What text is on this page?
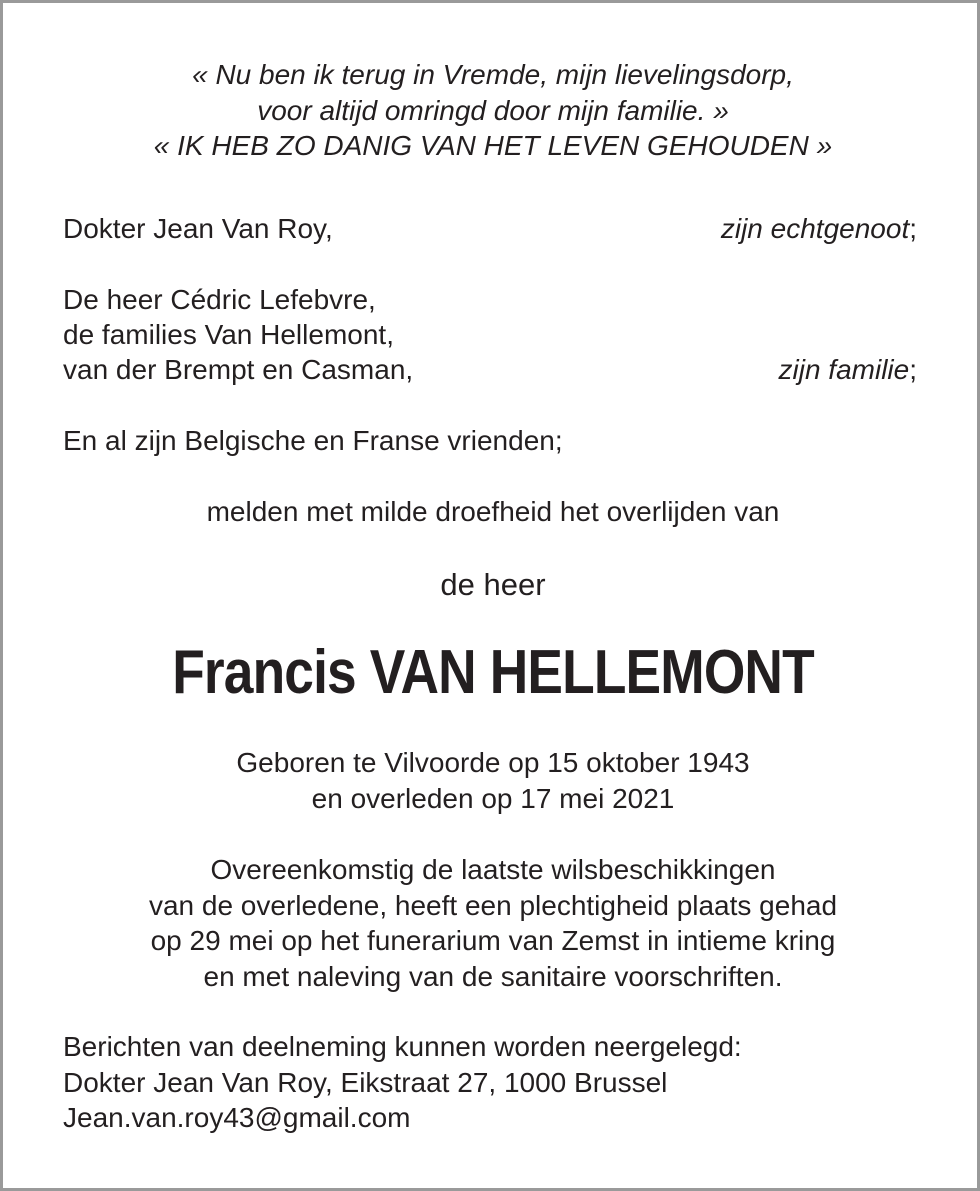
« Nu ben ik terug in Vremde, mijn lievelingsdorp,
voor altijd omringd door mijn familie. »
« IK HEB ZO DANIG VAN HET LEVEN GEHOUDEN »
Dokter Jean Van Roy,	zijn echtgenoot;
De heer Cédric Lefebvre,
de families Van Hellemont,
van der Brempt en Casman,	zijn familie;
En al zijn Belgische en Franse vrienden;
melden met milde droefheid het overlijden van
de heer
Francis VAN HELLEMONT
Geboren te Vilvoorde op 15 oktober 1943
en overleden op 17 mei 2021
Overeenkomstig de laatste wilsbeschikkingen
van de overledene, heeft een plechtigheid plaats gehad
op 29 mei op het funerarium van Zemst in intieme kring
en met naleving van de sanitaire voorschriften.
Berichten van deelneming kunnen worden neergelegd:
Dokter Jean Van Roy, Eikstraat 27, 1000 Brussel
Jean.van.roy43@gmail.com
